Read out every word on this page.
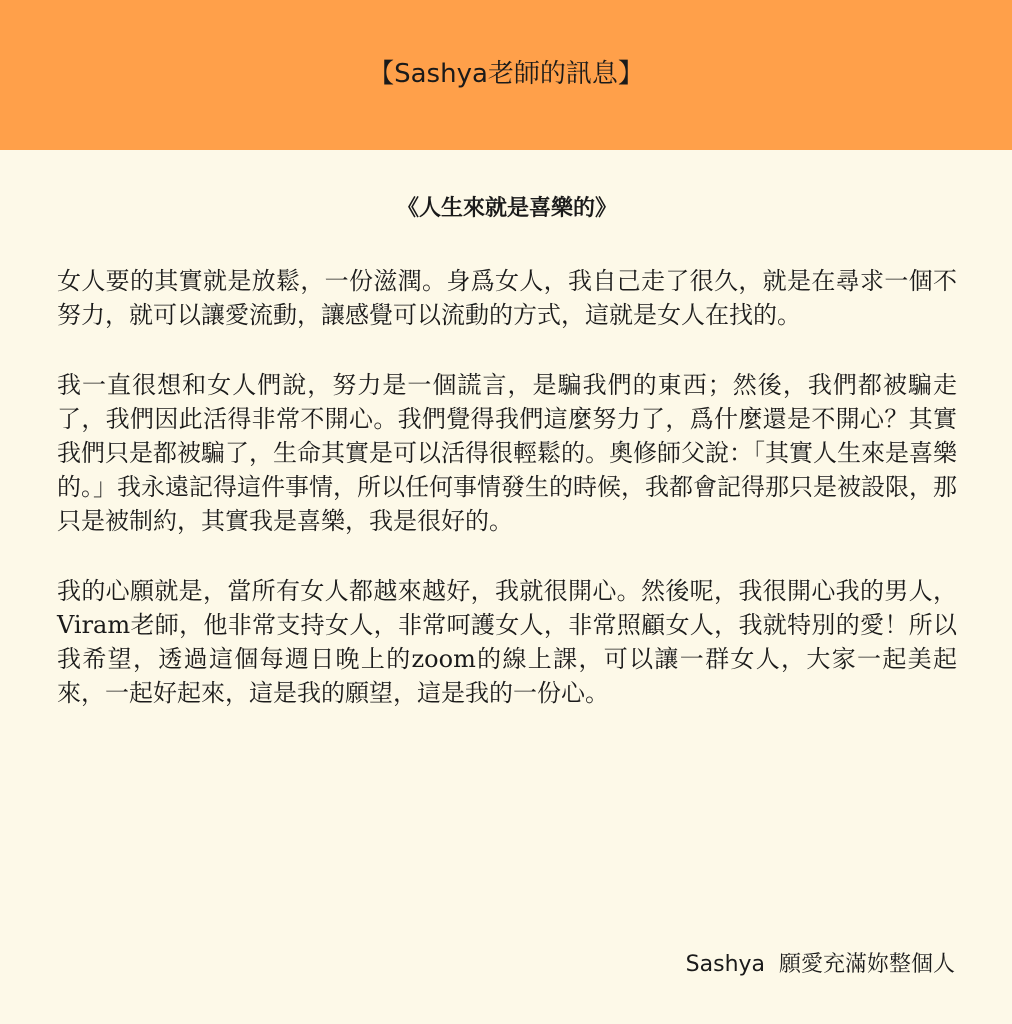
【Sashya老師的訊息】
《人生來就是喜樂的》

女人要的其實就是放鬆，一份滋潤。身爲女人，我自己走了很久，就是在尋求一個不努力，就可以讓愛流動，讓感覺可以流動的方式，這就是女人在找的。

我一直很想和女人們說，努力是一個謊言，是騙我們的東西；然後，我們都被騙走了，我們因此活得非常不開心。我們覺得我們這麼努力了，爲什麼還是不開心？其實我們只是都被騙了，生命其實是可以活得很輕鬆的。奧修師父說：「其實人生來是喜樂的。」我永遠記得這件事情，所以任何事情發生的時候，我都會記得那只是被設限，那只是被制約，其實我是喜樂，我是很好的。

我的心願就是，當所有女人都越來越好，我就很開心。然後呢，我很開心我的男人，Viram老師，他非常支持女人，非常呵護女人，非常照顧女人，我就特別的愛！所以我希望，透過這個每週日晚上的zoom的線上課，可以讓一群女人，大家一起美起來，一起好起來，這是我的願望，這是我的一份心。

Sashya  願愛充滿妳整個人
